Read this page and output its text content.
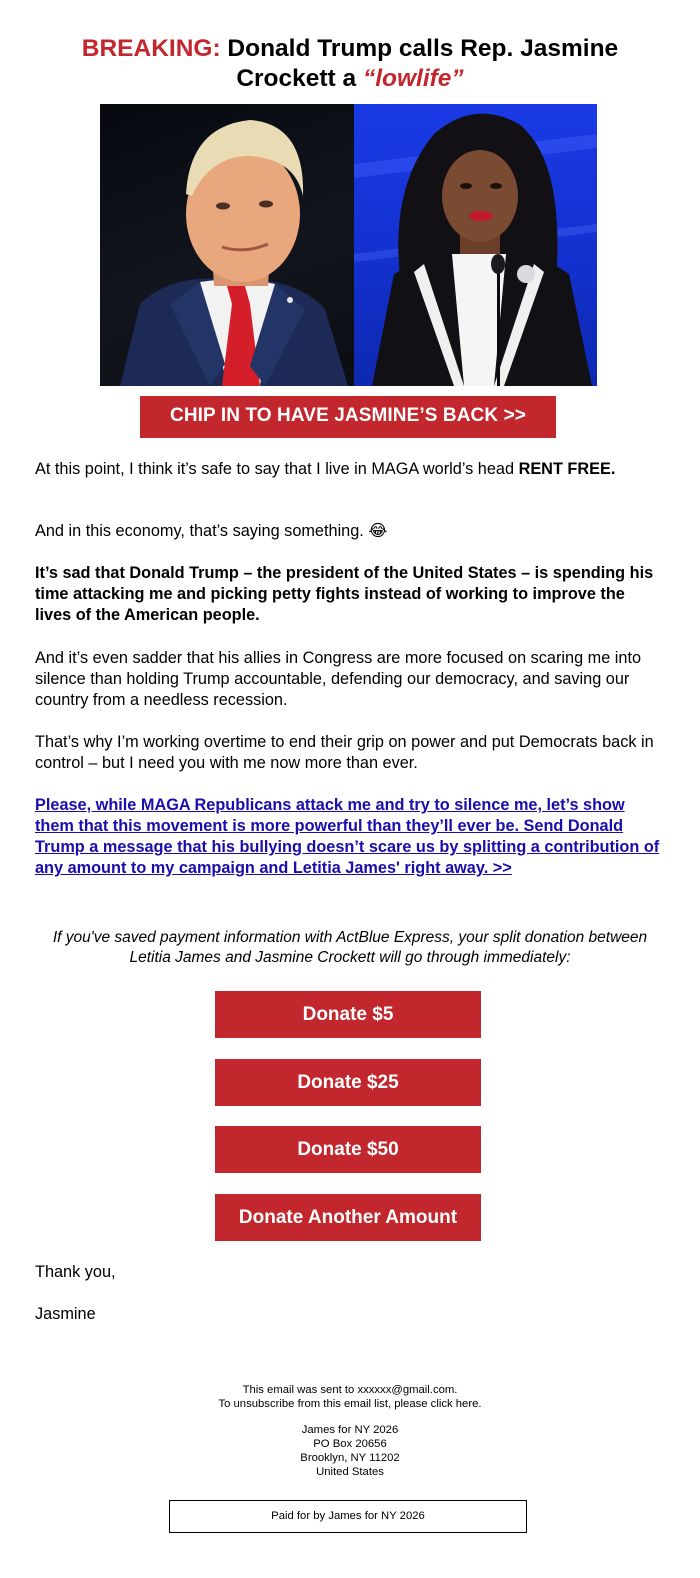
BREAKING: Donald Trump calls Rep. Jasmine
Crockett a “lowlife”
CHIP IN TO HAVE JASMINE’S BACK >>

At this point, I think it’s safe to say that I live in MAGA world’s head RENT FREE.

And in this economy, that’s saying something. 😂

It’s sad that Donald Trump – the president of the United States – is spending his time attacking me and picking petty fights instead of working to improve the lives of the American people.

And it’s even sadder that his allies in Congress are more focused on scaring me into silence than holding Trump accountable, defending our democracy, and saving our country from a needless recession.

That’s why I’m working overtime to end their grip on power and put Democrats back in control – but I need you with me now more than ever.

Please, while MAGA Republicans attack me and try to silence me, let’s show them that this movement is more powerful than they’ll ever be. Send Donald Trump a message that his bullying doesn’t scare us by splitting a contribution of any amount to my campaign and Letitia James' right away. >>
If you've saved payment information with ActBlue Express, your split donation between Letitia James and Jasmine Crockett will go through immediately:
Donate $5
Donate $25
Donate $50
Donate Another Amount
Thank you,
Jasmine
This email was sent to xxxxxx@gmail.com.
To unsubscribe from this email list, please click here.
James for NY 2026
PO Box 20656
Brooklyn, NY 11202
United States
Paid for by James for NY 2026
